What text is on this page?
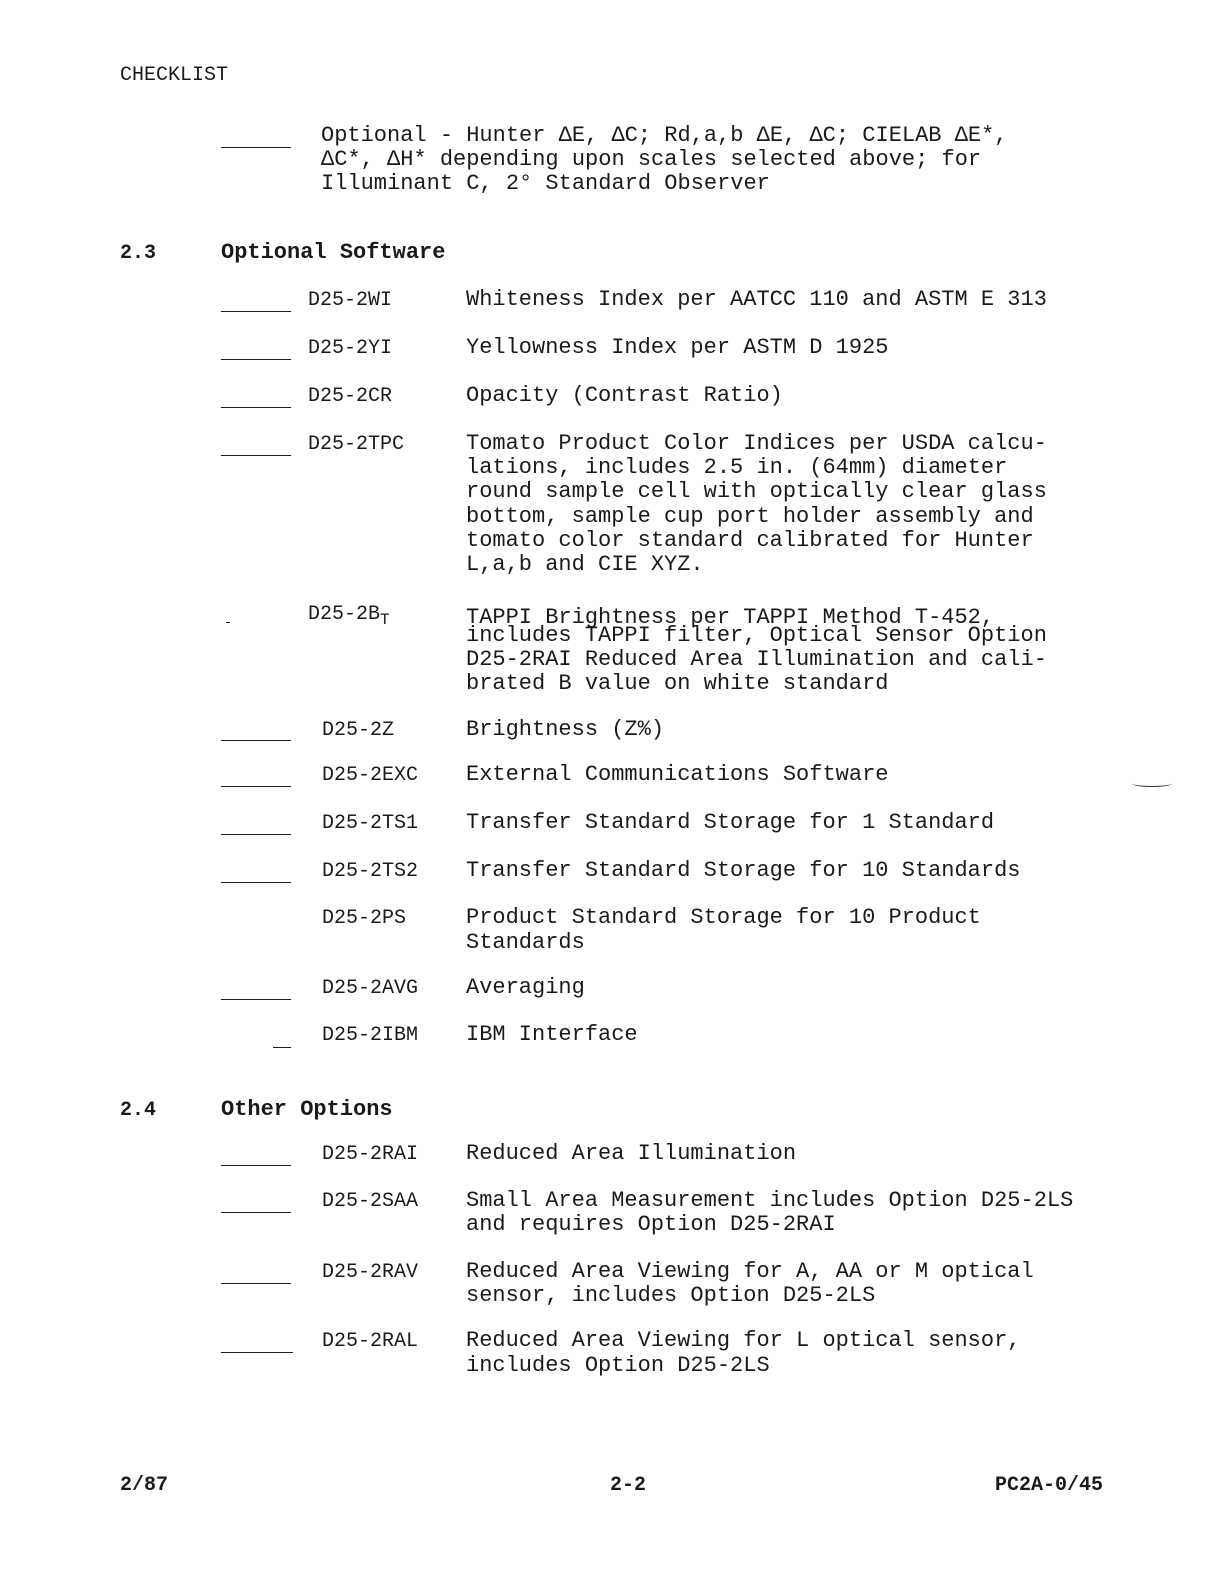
CHECKLIST
Optional - Hunter ΔE, ΔC; Rd,a,b ΔE, ΔC; CIELAB ΔE*,
ΔC*, ΔH* depending upon scales selected above; for
Illuminant C, 2° Standard Observer
2.3	Optional Software
D25-2WI	Whiteness Index per AATCC 110 and ASTM E 313
D25-2YI	Yellowness Index per ASTM D 1925
D25-2CR	Opacity (Contrast Ratio)
D25-2TPC	Tomato Product Color Indices per USDA calcu-
lations, includes 2.5 in. (64mm) diameter
round sample cell with optically clear glass
bottom, sample cup port holder assembly and
tomato color standard calibrated for Hunter
L,a,b and CIE XYZ.
$D25-2B_T$	TAPPI Brightness per TAPPI Method T-452,
includes TAPPI filter, Optical Sensor Option
D25-2RAI Reduced Area Illumination and cali-
brated B value on white standard
D25-2Z	Brightness (Z%)
D25-2EXC External Communications Software
D25-2TS1 Transfer Standard Storage for 1 Standard
D25-2TS2 Transfer Standard Storage for 10 Standards
D25-2PS	Product Standard Storage for 10 Product
Standards
D25-2AVG Averaging
D25-2IBM IBM Interface
2.4	Other Options
D25-2RAI Reduced Area Illumination
D25-2SAA Small Area Measurement includes Option D25-2LS
and requires Option D25-2RAI
D25-2RAV Reduced Area Viewing for A, AA or M optical
sensor, includes Option D25-2LS
D25-2RAL Reduced Area Viewing for L optical sensor,
includes Option D25-2LS
2/87	2-2	PC2A-0/45
